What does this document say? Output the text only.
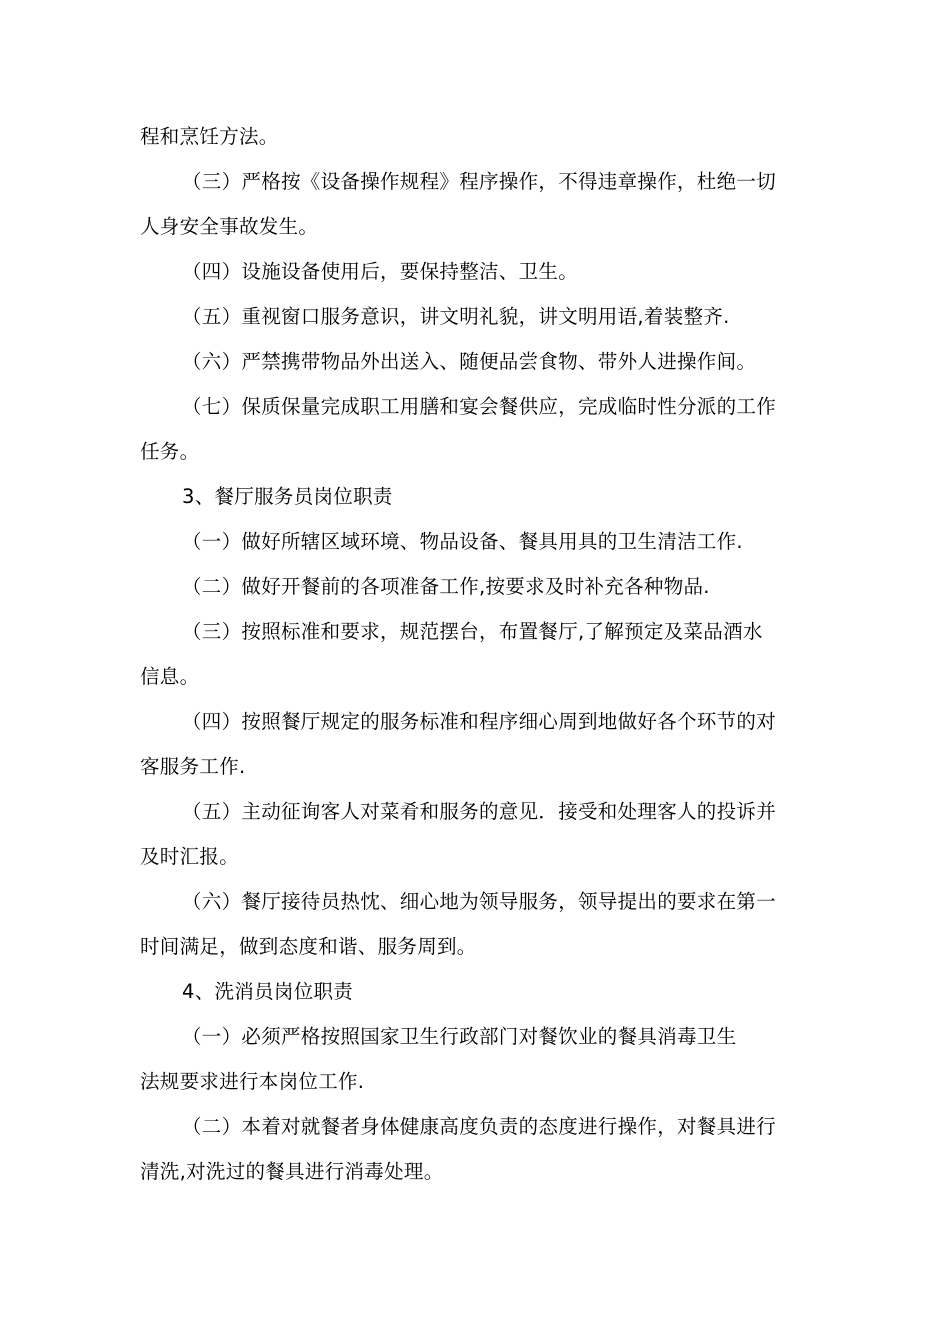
程和烹饪方法。
（三）严格按《设备操作规程》程序操作，不得违章操作，杜绝一切
人身安全事故发生。
（四）设施设备使用后，要保持整洁、卫生。
（五）重视窗口服务意识，讲文明礼貌，讲文明用语,着装整齐.
（六）严禁携带物品外出送入、随便品尝食物、带外人进操作间。
（七）保质保量完成职工用膳和宴会餐供应，完成临时性分派的工作
任务。
3、餐厅服务员岗位职责
（一）做好所辖区域环境、物品设备、餐具用具的卫生清洁工作.
（二）做好开餐前的各项准备工作,按要求及时补充各种物品.
（三）按照标准和要求，规范摆台，布置餐厅,了解预定及菜品酒水
信息。
（四）按照餐厅规定的服务标准和程序细心周到地做好各个环节的对
客服务工作.
（五）主动征询客人对菜肴和服务的意见．接受和处理客人的投诉并
及时汇报。
（六）餐厅接待员热忱、细心地为领导服务，领导提出的要求在第一
时间满足，做到态度和谐、服务周到。
4、洗消员岗位职责
（一）必须严格按照国家卫生行政部门对餐饮业的餐具消毒卫生
法规要求进行本岗位工作.
（二）本着对就餐者身体健康高度负责的态度进行操作，对餐具进行
清洗,对洗过的餐具进行消毒处理。
